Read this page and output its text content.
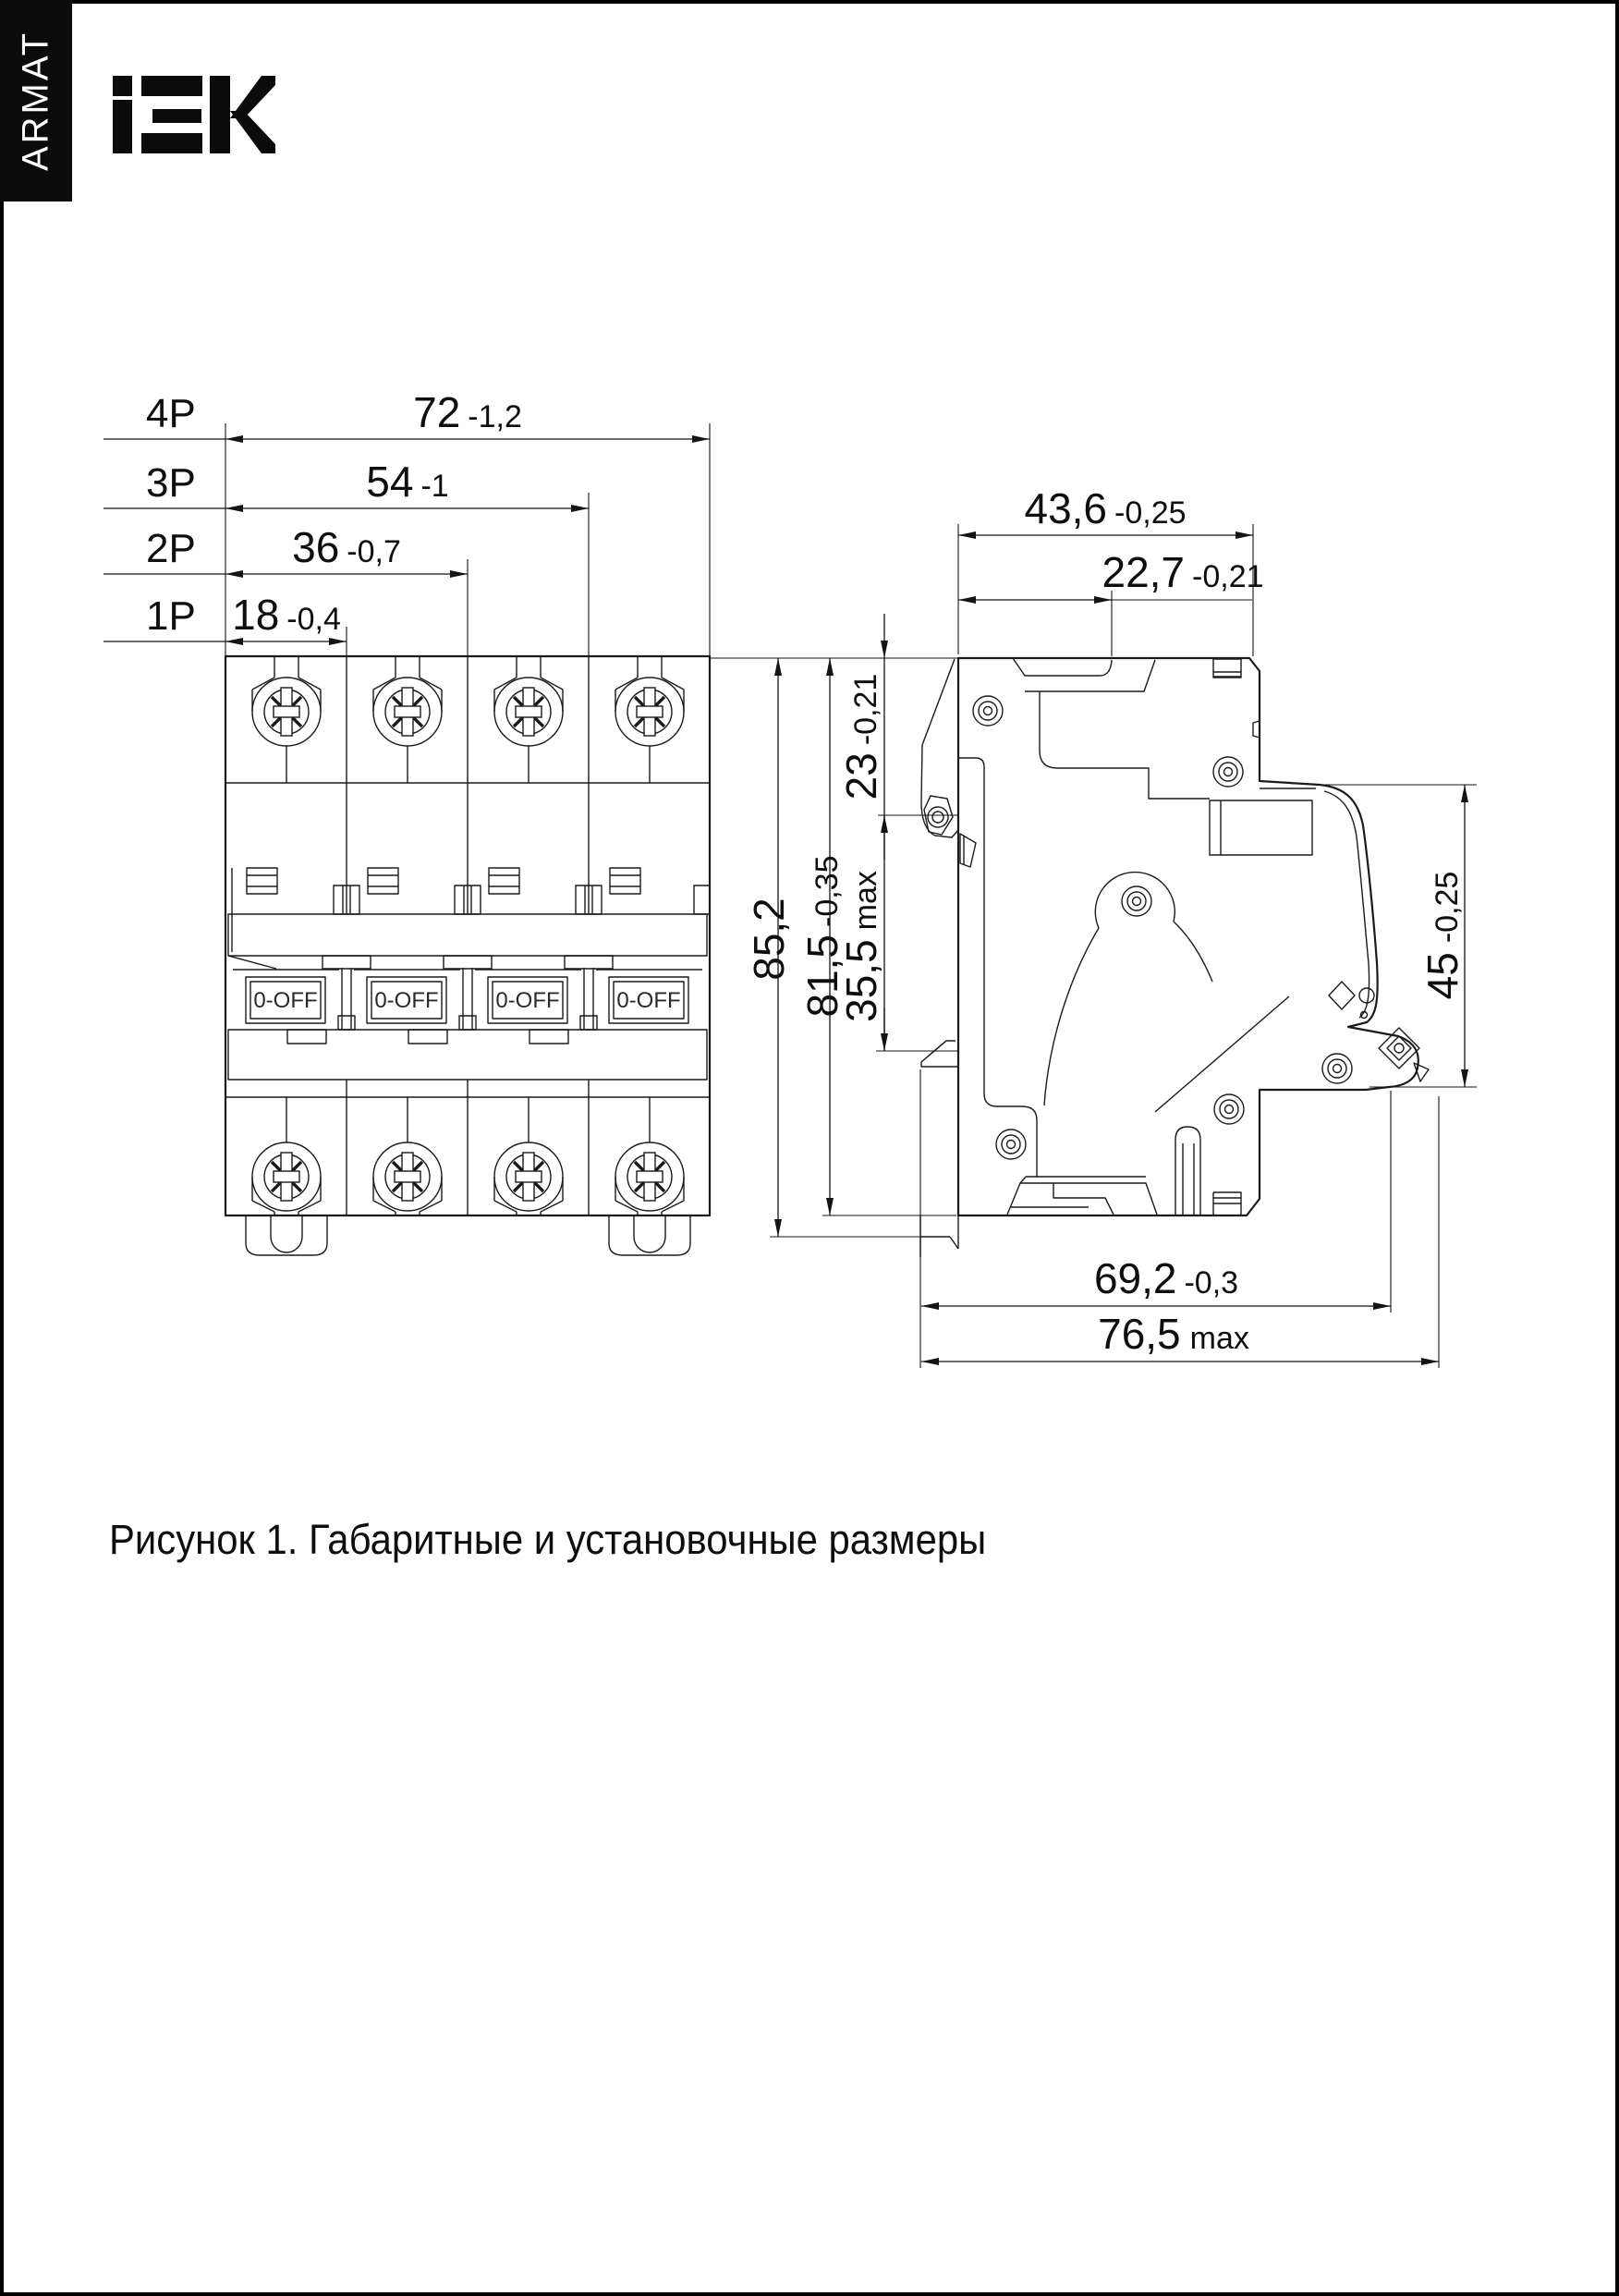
ARMAT
0-OFF	0-OFF	0-OFF	0-OFF
4P	72 -1,2
3P	54 -1
2P 36 -0,7
1P 18 -0,4
43,6 -0,25
22,7 -0,21
85,2 81,5-0,35
23-0,21
35,5max
45-0,25
69,2 -0,3
76,5 max
Рисунок 1. Габаритные и установочные размеры
